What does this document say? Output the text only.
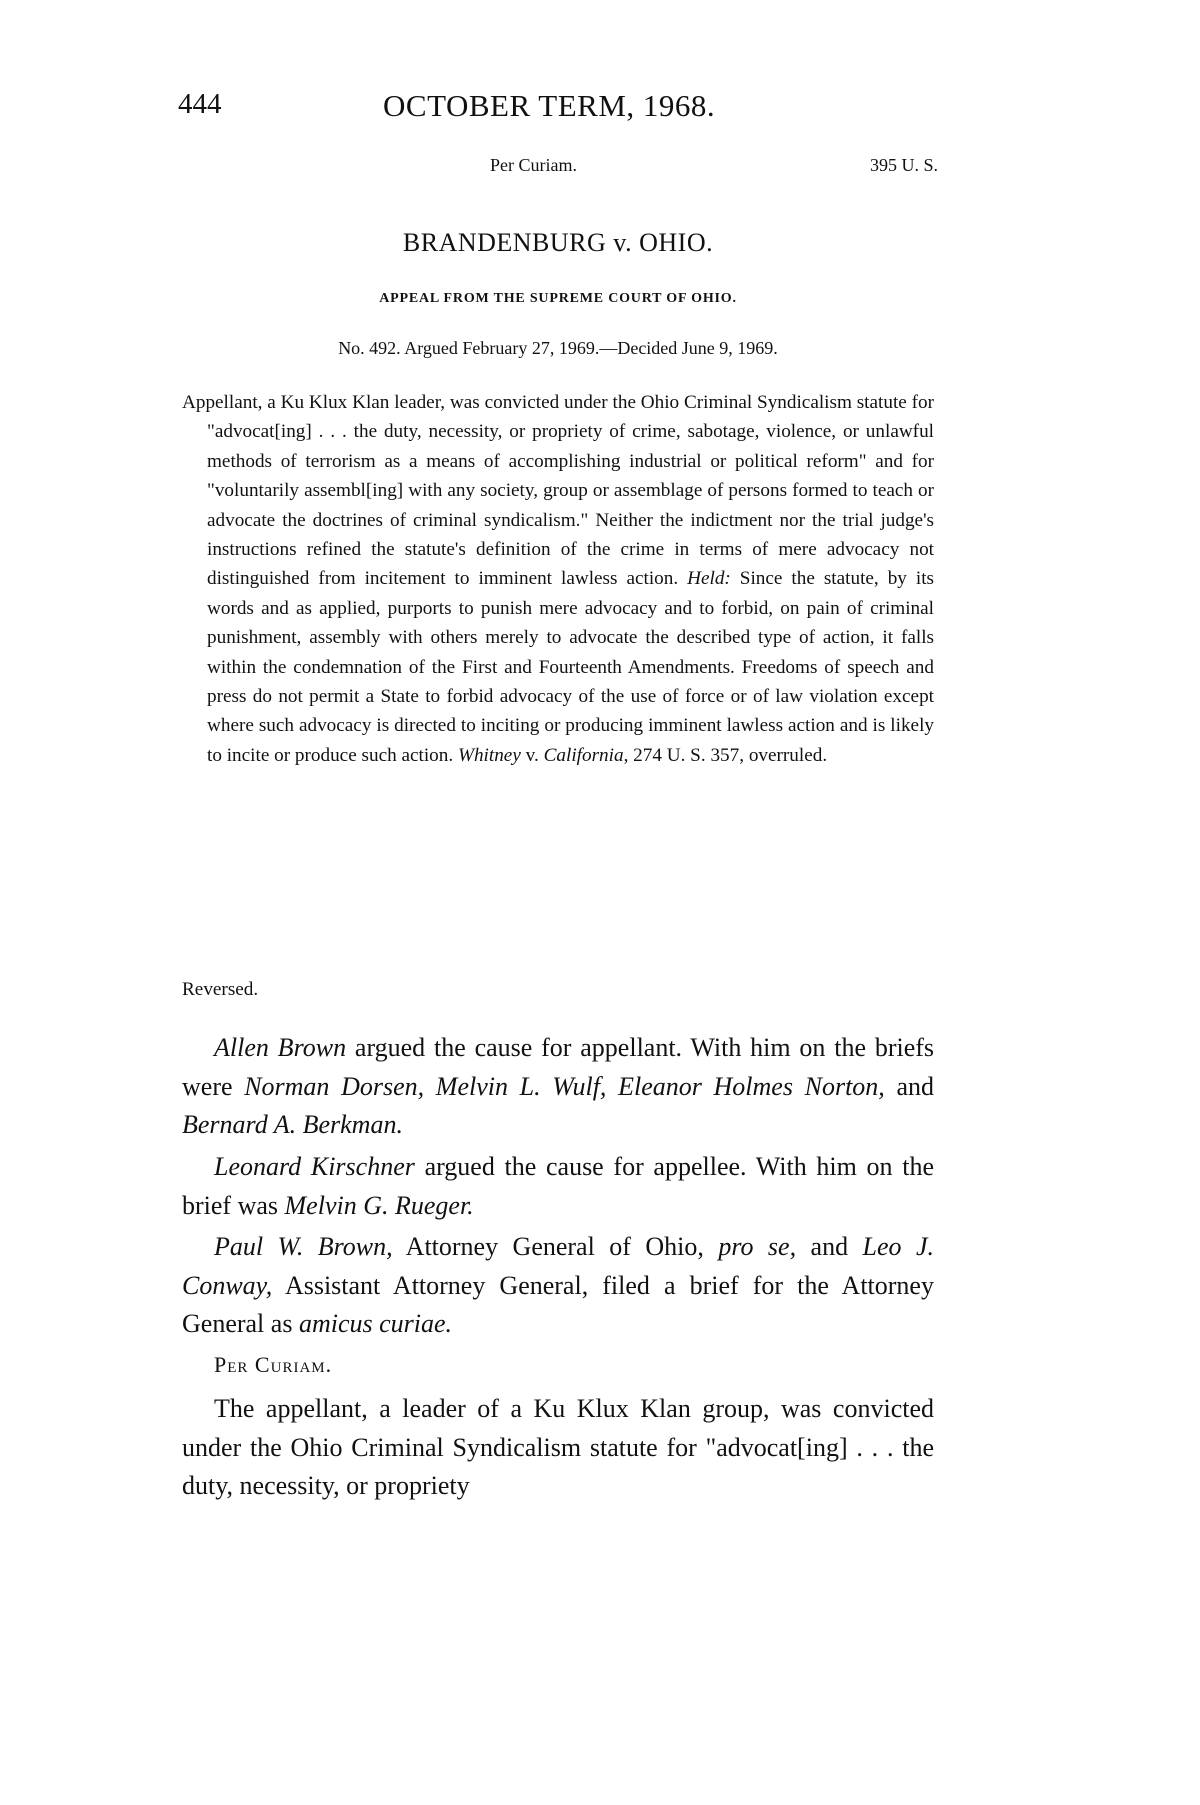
444	OCTOBER TERM, 1968.
Per Curiam.	395 U. S.
BRANDENBURG v. OHIO.
APPEAL FROM THE SUPREME COURT OF OHIO.
No. 492. Argued February 27, 1969.—Decided June 9, 1969.
Appellant, a Ku Klux Klan leader, was convicted under the Ohio Criminal Syndicalism statute for "advocat[ing] . . . the duty, necessity, or propriety of crime, sabotage, violence, or unlawful methods of terrorism as a means of accomplishing industrial or political reform" and for "voluntarily assembl[ing] with any society, group or assemblage of persons formed to teach or advocate the doctrines of criminal syndicalism." Neither the indictment nor the trial judge's instructions refined the statute's definition of the crime in terms of mere advocacy not distinguished from incitement to imminent lawless action. Held: Since the statute, by its words and as applied, purports to punish mere advocacy and to forbid, on pain of criminal punishment, assembly with others merely to advocate the described type of action, it falls within the condemnation of the First and Fourteenth Amendments. Freedoms of speech and press do not permit a State to forbid advocacy of the use of force or of law violation except where such advocacy is directed to inciting or producing imminent lawless action and is likely to incite or produce such action. Whitney v. California, 274 U. S. 357, overruled.
Reversed.

Allen Brown argued the cause for appellant. With him on the briefs were Norman Dorsen, Melvin L. Wulf, Eleanor Holmes Norton, and Bernard A. Berkman.

Leonard Kirschner argued the cause for appellee. With him on the brief was Melvin G. Rueger.

Paul W. Brown, Attorney General of Ohio, pro se, and Leo J. Conway, Assistant Attorney General, filed a brief for the Attorney General as amicus curiae.

Per Curiam.

The appellant, a leader of a Ku Klux Klan group, was convicted under the Ohio Criminal Syndicalism statute for "advocat[ing] . . . the duty, necessity, or propriety
